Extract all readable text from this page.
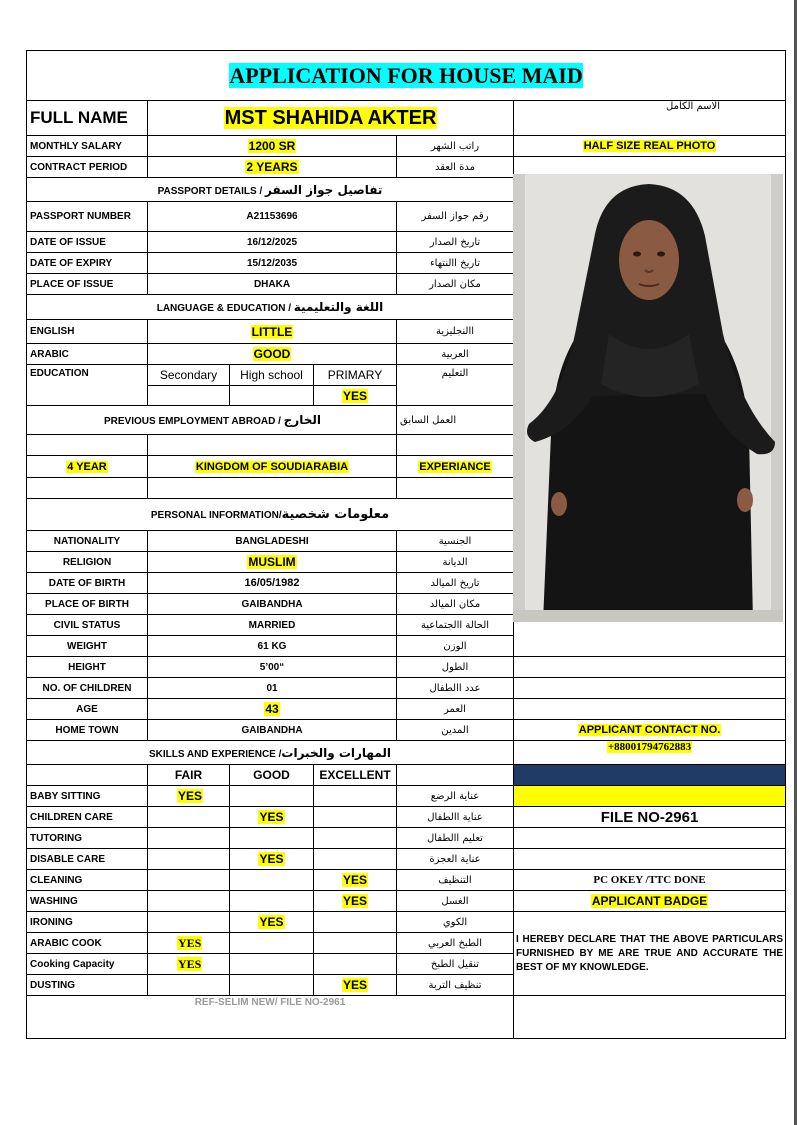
APPLICATION FOR HOUSE MAID						
FULL NAME	MST SHAHIDA AKTER				الاسم الكامل	
MONTHLY SALARY	1200 SR			راتب الشهر	HALF SIZE REAL PHOTO	
CONTRACT PERIOD	2 YEARS			مدة العقد		
PASSPORT DETAILS / تفاصيل جواز السفر						
PASSPORT NUMBER	A21153696			رقم جواز السفر		
DATE OF ISSUE	16/12/2025			تاريخ الصدار		
DATE OF EXPIRY	15/12/2035			تاريخ االنتهاء		
PLACE OF ISSUE	DHAKA			مكان الصدار		
LANGUAGE & EDUCATION / اللغة والتعليمية						
ENGLISH	LITTLE			االنجليزية		
ARABIC	GOOD			العربية		
EDUCATION	Secondary	High school	PRIMARY	التعليم		
			YES			
PREVIOUS EMPLOYMENT ABROAD / الخارج				العمل السابق		

4 YEAR	KINGDOM OF SOUDIARABIA			EXPERIANCE		

PERSONAL INFORMATION/معلومات شخصية						
NATIONALITY	BANGLADESHI			الجنسية		
RELIGION	MUSLIM			الديانة		
DATE OF BIRTH	16/05/1982			تاريخ الميالد		
PLACE OF BIRTH	GAIBANDHA			مكان الميالد		
CIVIL STATUS	MARRIED			الحالة االجتماعية		
WEIGHT	61 KG			الوزن		
HEIGHT	5’00“			الطول		
NO. OF CHILDREN	01			عدد االطفال		
AGE	43			العمر		
HOME TOWN	GAIBANDHA			المدين	APPLICANT CONTACT NO.	
SKILLS AND EXPERIENCE /المهارات والخبرات					+88001794762883	
	FAIR	GOOD	EXCELLENT			
BABY SITTING	YES			عناية الرضع		
CHILDREN CARE		YES		عناية االطفال	FILE NO-2961	
TUTORING				تعليم االطفال		
DISABLE CARE		YES		عناية العجزة		
CLEANING			YES	التنظيف	PC OKEY /TTC DONE	
WASHING			YES	الغسل	APPLICANT BADGE	
IRONING		YES		الكوي	I HEREBY DECLARE THAT THE ABOVE PARTICULARS FURNISHED BY ME ARE TRUE AND ACCURATE THE BEST OF MY KNOWLEDGE.	
ARABIC COOK	YES			الطبخ العربي		
Cooking Capacity	YES			تنقيل الطبخ		
DUSTING			YES	تنظيف التربة		
REF-SELIM NEW/ FILE NO-2961						
